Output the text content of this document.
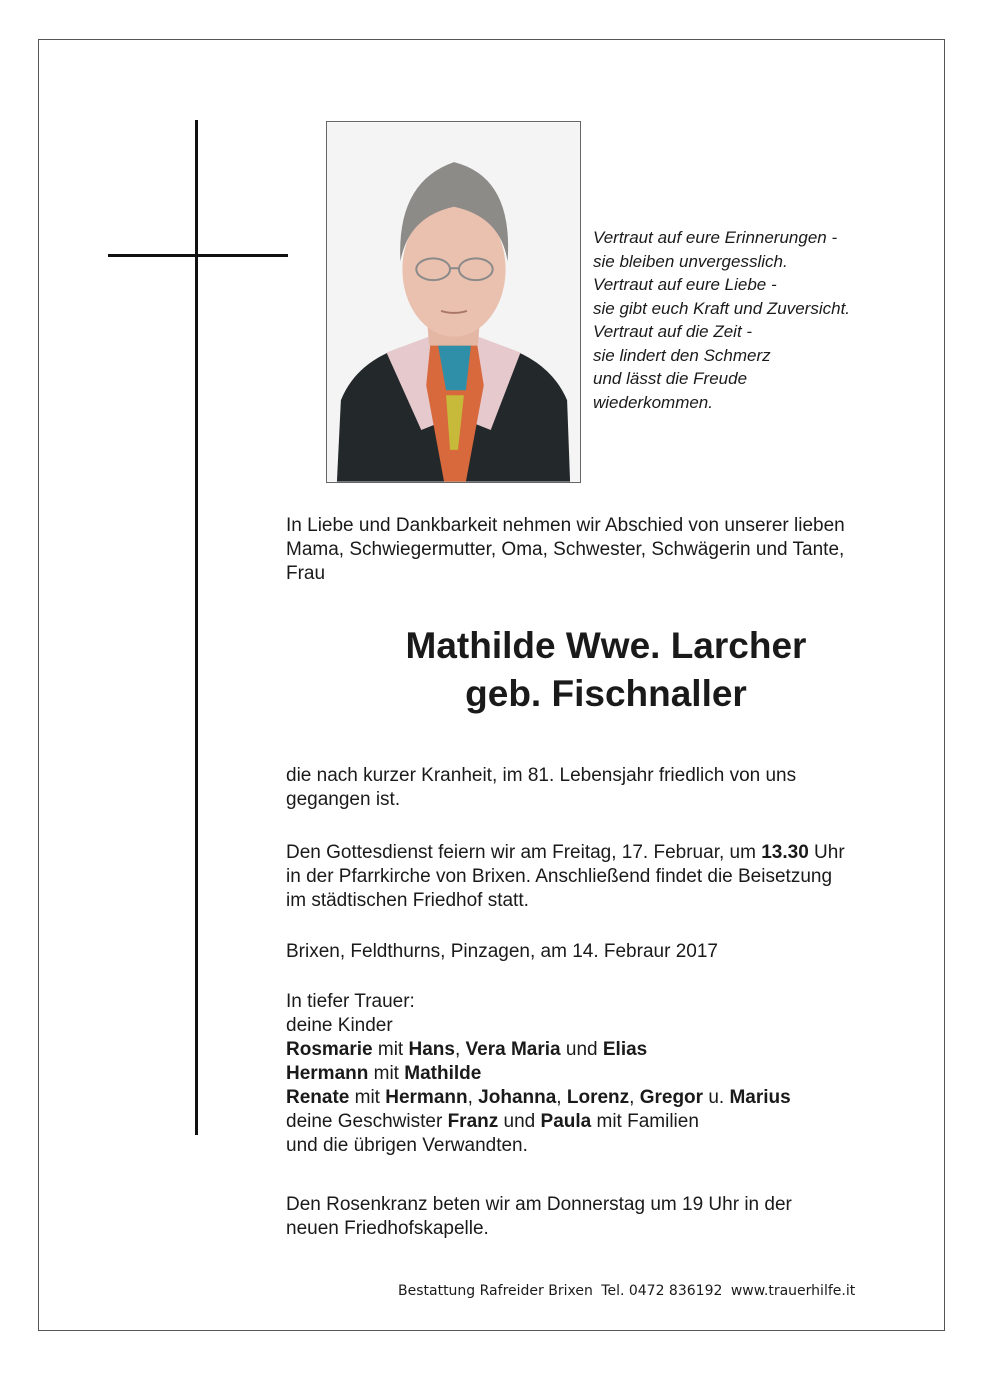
Vertraut auf eure Erinnerungen -
sie bleiben unvergesslich.
Vertraut auf eure Liebe -
sie gibt euch Kraft und Zuversicht.
Vertraut auf die Zeit -
sie lindert den Schmerz
und lässt die Freude
wiederkommen.
In Liebe und Dankbarkeit nehmen wir Abschied von unserer lieben
Mama, Schwiegermutter, Oma, Schwester, Schwägerin und Tante,
Frau
Mathilde Wwe. Larcher
geb. Fischnaller
die nach kurzer Kranheit, im 81. Lebensjahr friedlich von uns
gegangen ist.
Den Gottesdienst feiern wir am Freitag, 17. Februar, um 13.30 Uhr
in der Pfarrkirche von Brixen. Anschließend findet die Beisetzung
im städtischen Friedhof statt.
Brixen, Feldthurns, Pinzagen, am 14. Febraur 2017
In tiefer Trauer:
deine Kinder
Rosmarie mit Hans, Vera Maria und Elias
Hermann mit Mathilde
Renate mit Hermann, Johanna, Lorenz, Gregor u. Marius
deine Geschwister Franz und Paula mit Familien
und die übrigen Verwandten.
Den Rosenkranz beten wir am Donnerstag um 19 Uhr in der
neuen Friedhofskapelle.
Bestattung Rafreider Brixen Tel. 0472 836192 www.trauerhilfe.it
